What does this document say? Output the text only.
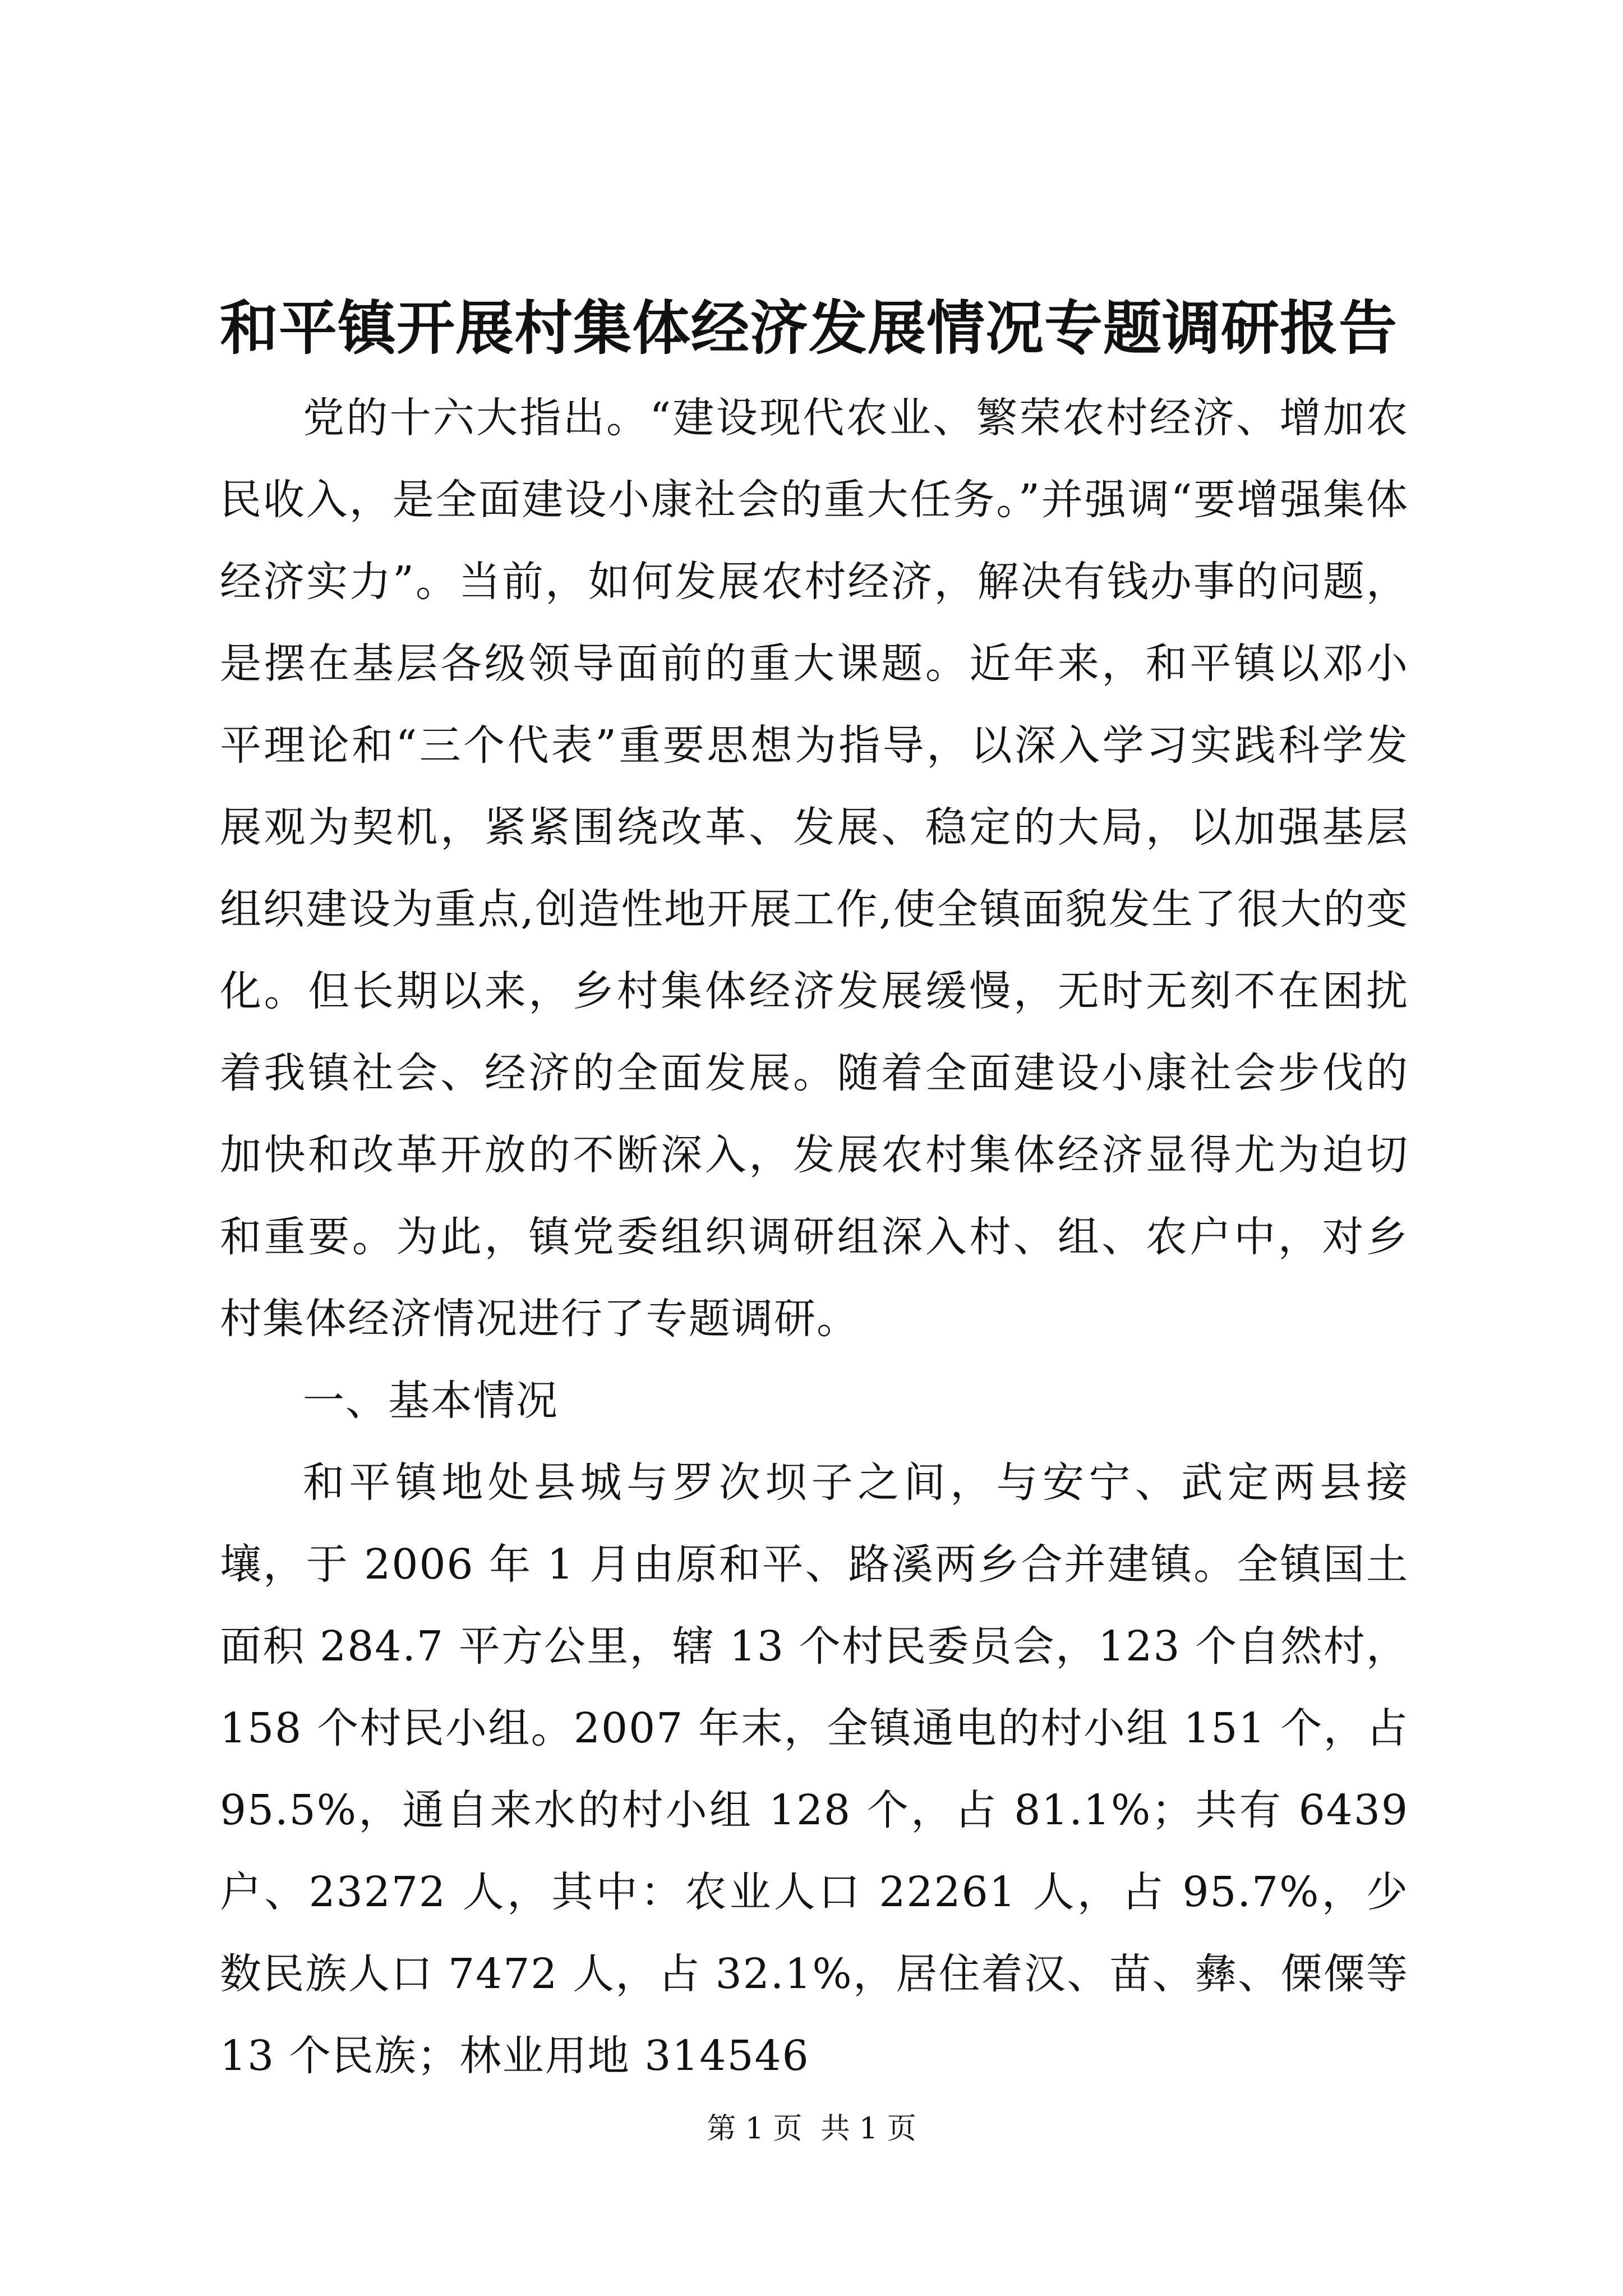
和平镇开展村集体经济发展情况专题调研报告

党的十六大指出。“建设现代农业、繁荣农村经济、增加农民收入，是全面建设小康社会的重大任务。”并强调“要增强集体经济实力”。当前，如何发展农村经济，解决有钱办事的问题，是摆在基层各级领导面前的重大课题。近年来，和平镇以邓小平理论和“三个代表”重要思想为指导，以深入学习实践科学发展观为契机，紧紧围绕改革、发展、稳定的大局，以加强基层组织建设为重点,创造性地开展工作,使全镇面貌发生了很大的变化。但长期以来，乡村集体经济发展缓慢，无时无刻不在困扰着我镇社会、经济的全面发展。随着全面建设小康社会步伐的加快和改革开放的不断深入，发展农村集体经济显得尤为迫切和重要。为此，镇党委组织调研组深入村、组、农户中，对乡村集体经济情况进行了专题调研。

一、基本情况

和平镇地处县城与罗次坝子之间，与安宁、武定两县接壤，于 2006 年 1 月由原和平、路溪两乡合并建镇。全镇国土面积 284.7 平方公里，辖 13 个村民委员会，123 个自然村，158 个村民小组。2007 年末，全镇通电的村小组 151 个，占 95.5%，通自来水的村小组 128 个，占 81.1%；共有 6439 户、23272 人，其中：农业人口 22261 人，占 95.7%，少数民族人口 7472 人，占 32.1%，居住着汉、苗、彝、傈僳等 13 个民族；林业用地 314546

第 1 页  共 1 页
